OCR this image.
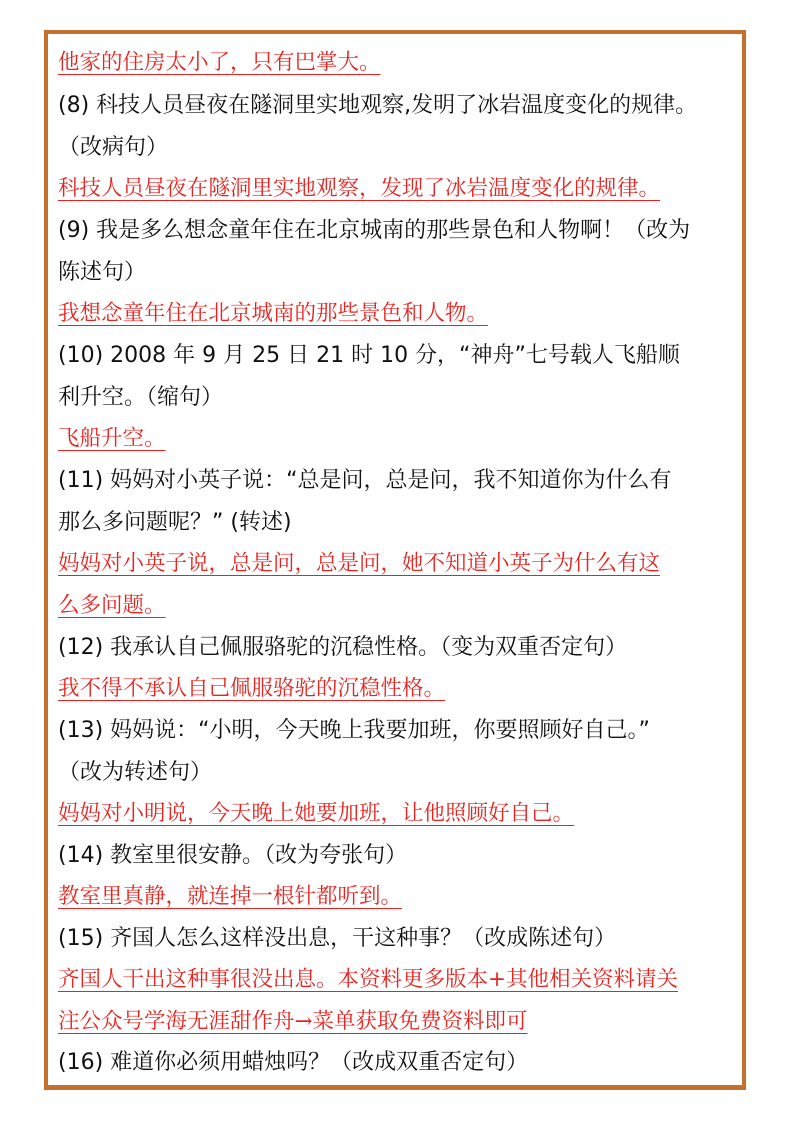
他家的住房太小了，只有巴掌大。
(8) 科技人员昼夜在隧洞里实地观察,发明了冰岩温度变化的规律。
（改病句）
科技人员昼夜在隧洞里实地观察，发现了冰岩温度变化的规律。
(9) 我是多么想念童年住在北京城南的那些景色和人物啊！（改为
陈述句）
我想念童年住在北京城南的那些景色和人物。
(10) 2008 年 9 月 25 日 21 时 10 分，“神舟”七号载人飞船顺
利升空。（缩句）
飞船升空。
(11) 妈妈对小英子说：“总是问，总是问，我不知道你为什么有
那么多问题呢？” (转述)
妈妈对小英子说，总是问，总是问，她不知道小英子为什么有这
么多问题。
(12) 我承认自己佩服骆驼的沉稳性格。（变为双重否定句）
我不得不承认自己佩服骆驼的沉稳性格。
(13) 妈妈说：“小明，今天晚上我要加班，你要照顾好自己。”
（改为转述句）
妈妈对小明说，今天晚上她要加班，让他照顾好自己。
(14) 教室里很安静。（改为夸张句）
教室里真静，就连掉一根针都听到。
(15) 齐国人怎么这样没出息，干这种事？（改成陈述句）
齐国人干出这种事很没出息。本资料更多版本+其他相关资料请关
注公众号学海无涯甜作舟→菜单获取免费资料即可
(16) 难道你必须用蜡烛吗？（改成双重否定句）
